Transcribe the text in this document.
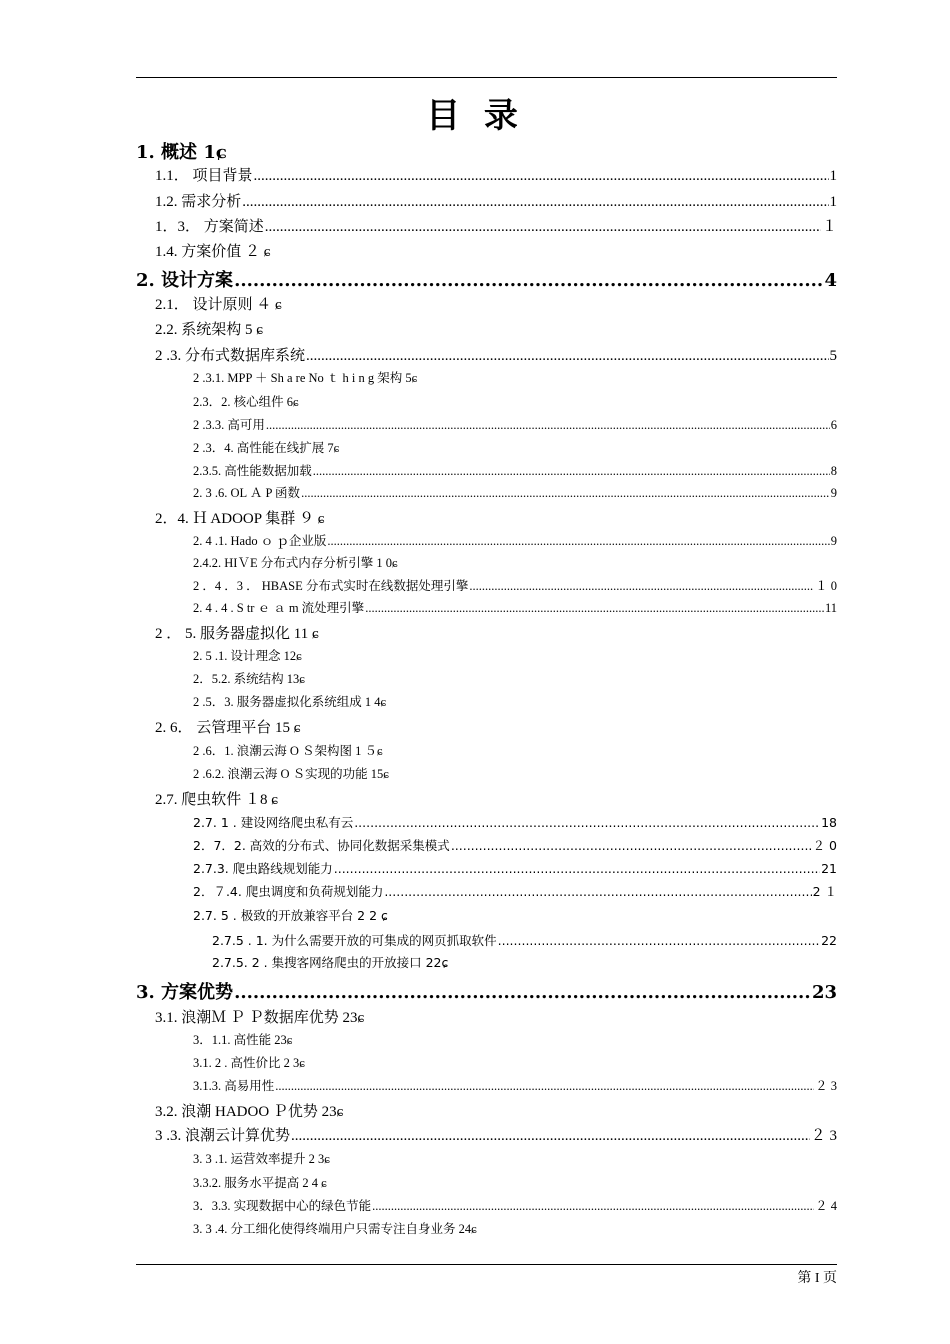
目 录
1. 概述 1ɕ
1.1． 项目背景 .....	1
1.2. 需求分析 .....	1
1．3． 方案简述 .....	１
1.4. 方案价值 ２ ɕ
2. 设计方案 .....	4
2.1． 设计原则 ４ ɕ
2.2. 系统架构 5 ɕ
2 .3. 分布式数据库系统 .....	5
2 .3.1. MPP ＋ Sh a re No ｔ h i n g 架构 5ɕ
2.3．2. 核心组件 6ɕ
2 .3.3. 高可用 .....	6
2 .3．4. 高性能在线扩展 7ɕ
2.3.5. 高性能数据加载 .....	8
2. 3 .6. OL Ａ P 函数 .....	9
2．4. Ｈ ADOOP 集群 ９ ɕ
2. 4 .1. Hado ｏ ｐ企业版 .....	9
2.4.2. HIＶE 分布式内存分析引擎 1 0ɕ
2 ．4 ．3 ． HBASE 分布式实时在线数据处理引擎 .....	１ 0
2. 4 . 4 . S tr ｅ ａ m 流处理引擎 .....	11
2 ． 5. 服务器虚拟化 11 ɕ
2. 5 .1. 设计理念 12ɕ
2．5.2. 系统结构 13ɕ
2 .5．3. 服务器虚拟化系统组成 1 4ɕ
2. 6． 云管理平台 15 ɕ
2 .6．1. 浪潮云海 O Ｓ架构图 1 ５ɕ
2 .6.2. 浪潮云海 O Ｓ实现的功能 15ɕ
2.7. 爬虫软件 １8 ɕ
2.7. 1 . 建设网络爬虫私有云 .....	18
2．7．2. 高效的分布式、协同化数据采集模式 .....	２ 0
2.7.3. 爬虫路线规划能力 .....	21
2．７.4. 爬虫调度和负荷规划能力 .....	2 １
2.7. 5 . 极致的开放兼容平台 2 2 ɕ
2.7.5 . 1. 为什么需要开放的可集成的网页抓取软件 .....	22
2.7.5. 2 . 集搜客网络爬虫的开放接口 22ɕ
3. 方案优势 .....	23
3.1. 浪潮Ｍ Ｐ Ｐ数据库优势 23ɕ
3．1.1. 高性能 23ɕ
3.1. 2 . 高性价比 2 3ɕ
3.1.3. 高易用性 .....	２ 3
3.2. 浪潮 HADOO Ｐ优势 23ɕ
3 .3. 浪潮云计算优势 .....	２ 3
3. 3 .1. 运营效率提升 2 3ɕ
3.3.2. 服务水平提高 2 4 ɕ
3．3.3. 实现数据中心的绿色节能 .....	２ 4
3. 3 .4. 分工细化使得终端用户只需专注自身业务 24ɕ
第 I 页
